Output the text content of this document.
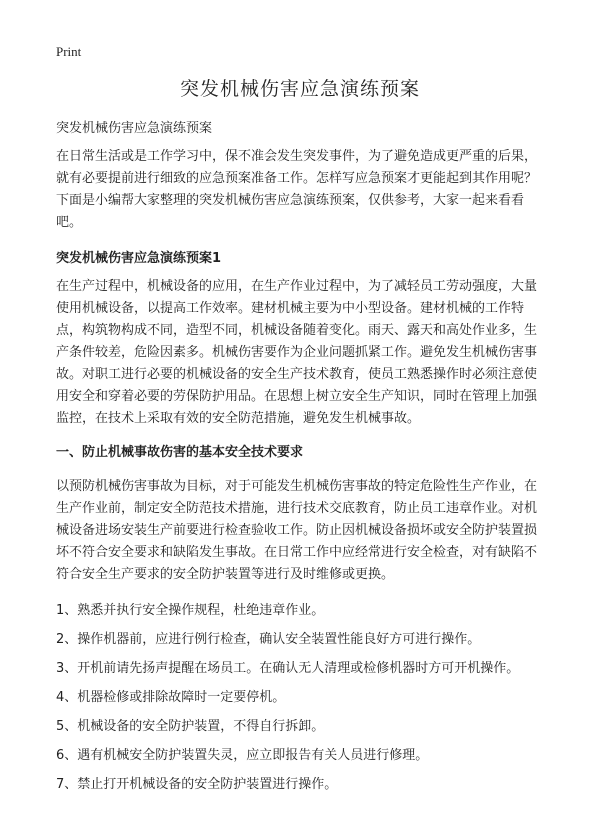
Print
突发机械伤害应急演练预案

突发机械伤害应急演练预案

在日常生活或是工作学习中，保不准会发生突发事件，为了避免造成更严重的后果，就有必要提前进行细致的应急预案准备工作。怎样写应急预案才更能起到其作用呢？下面是小编帮大家整理的突发机械伤害应急演练预案，仅供参考，大家一起来看看吧。

突发机械伤害应急演练预案1

在生产过程中，机械设备的应用，在生产作业过程中，为了减轻员工劳动强度，大量使用机械设备，以提高工作效率。建材机械主要为中小型设备。建材机械的工作特点，构筑物构成不同，造型不同，机械设备随着变化。雨天、露天和高处作业多，生产条件较差，危险因素多。机械伤害要作为企业问题抓紧工作。避免发生机械伤害事故。对职工进行必要的机械设备的安全生产技术教育，使员工熟悉操作时必须注意使用安全和穿着必要的劳保防护用品。在思想上树立安全生产知识，同时在管理上加强监控，在技术上采取有效的安全防范措施，避免发生机械事故。

一、防止机械事故伤害的基本安全技术要求

以预防机械伤害事故为目标，对于可能发生机械伤害事故的特定危险性生产作业，在生产作业前，制定安全防范技术措施，进行技术交底教育，防止员工违章作业。对机械设备进场安装生产前要进行检查验收工作。防止因机械设备损坏或安全防护装置损坏不符合安全要求和缺陷发生事故。在日常工作中应经常进行安全检查，对有缺陷不符合安全生产要求的安全防护装置等进行及时维修或更换。

1、熟悉并执行安全操作规程，杜绝违章作业。

2、操作机器前，应进行例行检查，确认安全装置性能良好方可进行操作。

3、开机前请先扬声提醒在场员工。在确认无人清理或检修机器时方可开机操作。

4、机器检修或排除故障时一定要停机。

5、机械设备的安全防护装置，不得自行拆卸。

6、遇有机械安全防护装置失灵，应立即报告有关人员进行修理。

7、禁止打开机械设备的安全防护装置进行操作。
